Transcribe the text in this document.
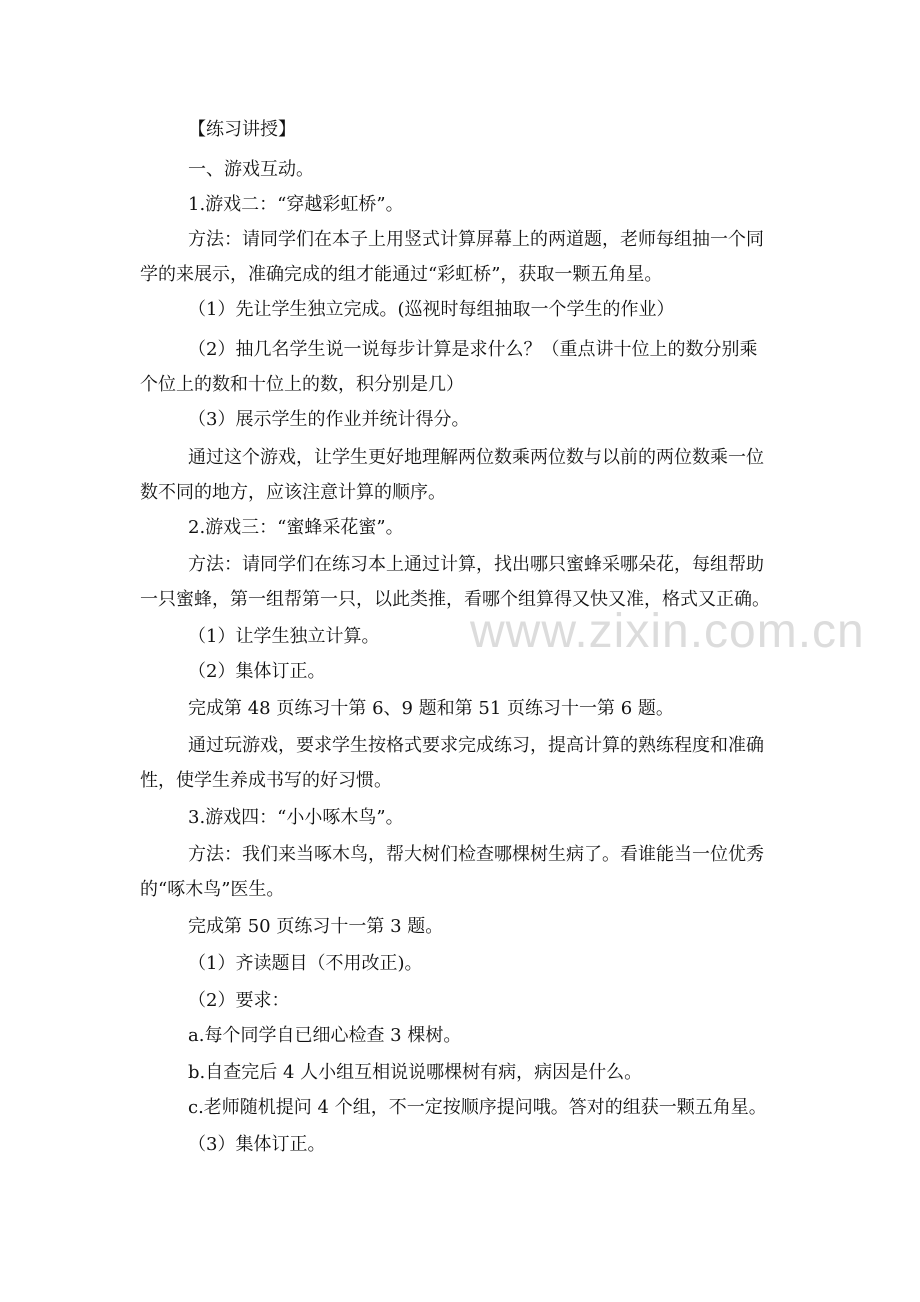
【练习讲授】
一、游戏互动。
1.游戏二：“穿越彩虹桥”。
方法：请同学们在本子上用竖式计算屏幕上的两道题，老师每组抽一个同
学的来展示，准确完成的组才能通过“彩虹桥”，获取一颗五角星。
（1）先让学生独立完成。(巡视时每组抽取一个学生的作业）
（2）抽几名学生说一说每步计算是求什么？（重点讲十位上的数分别乘
个位上的数和十位上的数，积分别是几）
（3）展示学生的作业并统计得分。
通过这个游戏，让学生更好地理解两位数乘两位数与以前的两位数乘一位
数不同的地方，应该注意计算的顺序。
2.游戏三：“蜜蜂采花蜜”。
方法：请同学们在练习本上通过计算，找出哪只蜜蜂采哪朵花，每组帮助
一只蜜蜂，第一组帮第一只，以此类推，看哪个组算得又快又准，格式又正确。
（1）让学生独立计算。
（2）集体订正。
完成第 48 页练习十第 6、9 题和第 51 页练习十一第 6 题。
通过玩游戏，要求学生按格式要求完成练习，提高计算的熟练程度和准确
性，使学生养成书写的好习惯。
3.游戏四：“小小啄木鸟”。
方法：我们来当啄木鸟，帮大树们检查哪棵树生病了。看谁能当一位优秀
的“啄木鸟”医生。
完成第 50 页练习十一第 3 题。
（1）齐读题目（不用改正)。
（2）要求：
a.每个同学自已细心检查 3 棵树。
b.自查完后 4 人小组互相说说哪棵树有病，病因是什么。
c.老师随机提问 4 个组，不一定按顺序提问哦。答对的组获一颗五角星。
（3）集体订正。
www.zixin.com.cn
